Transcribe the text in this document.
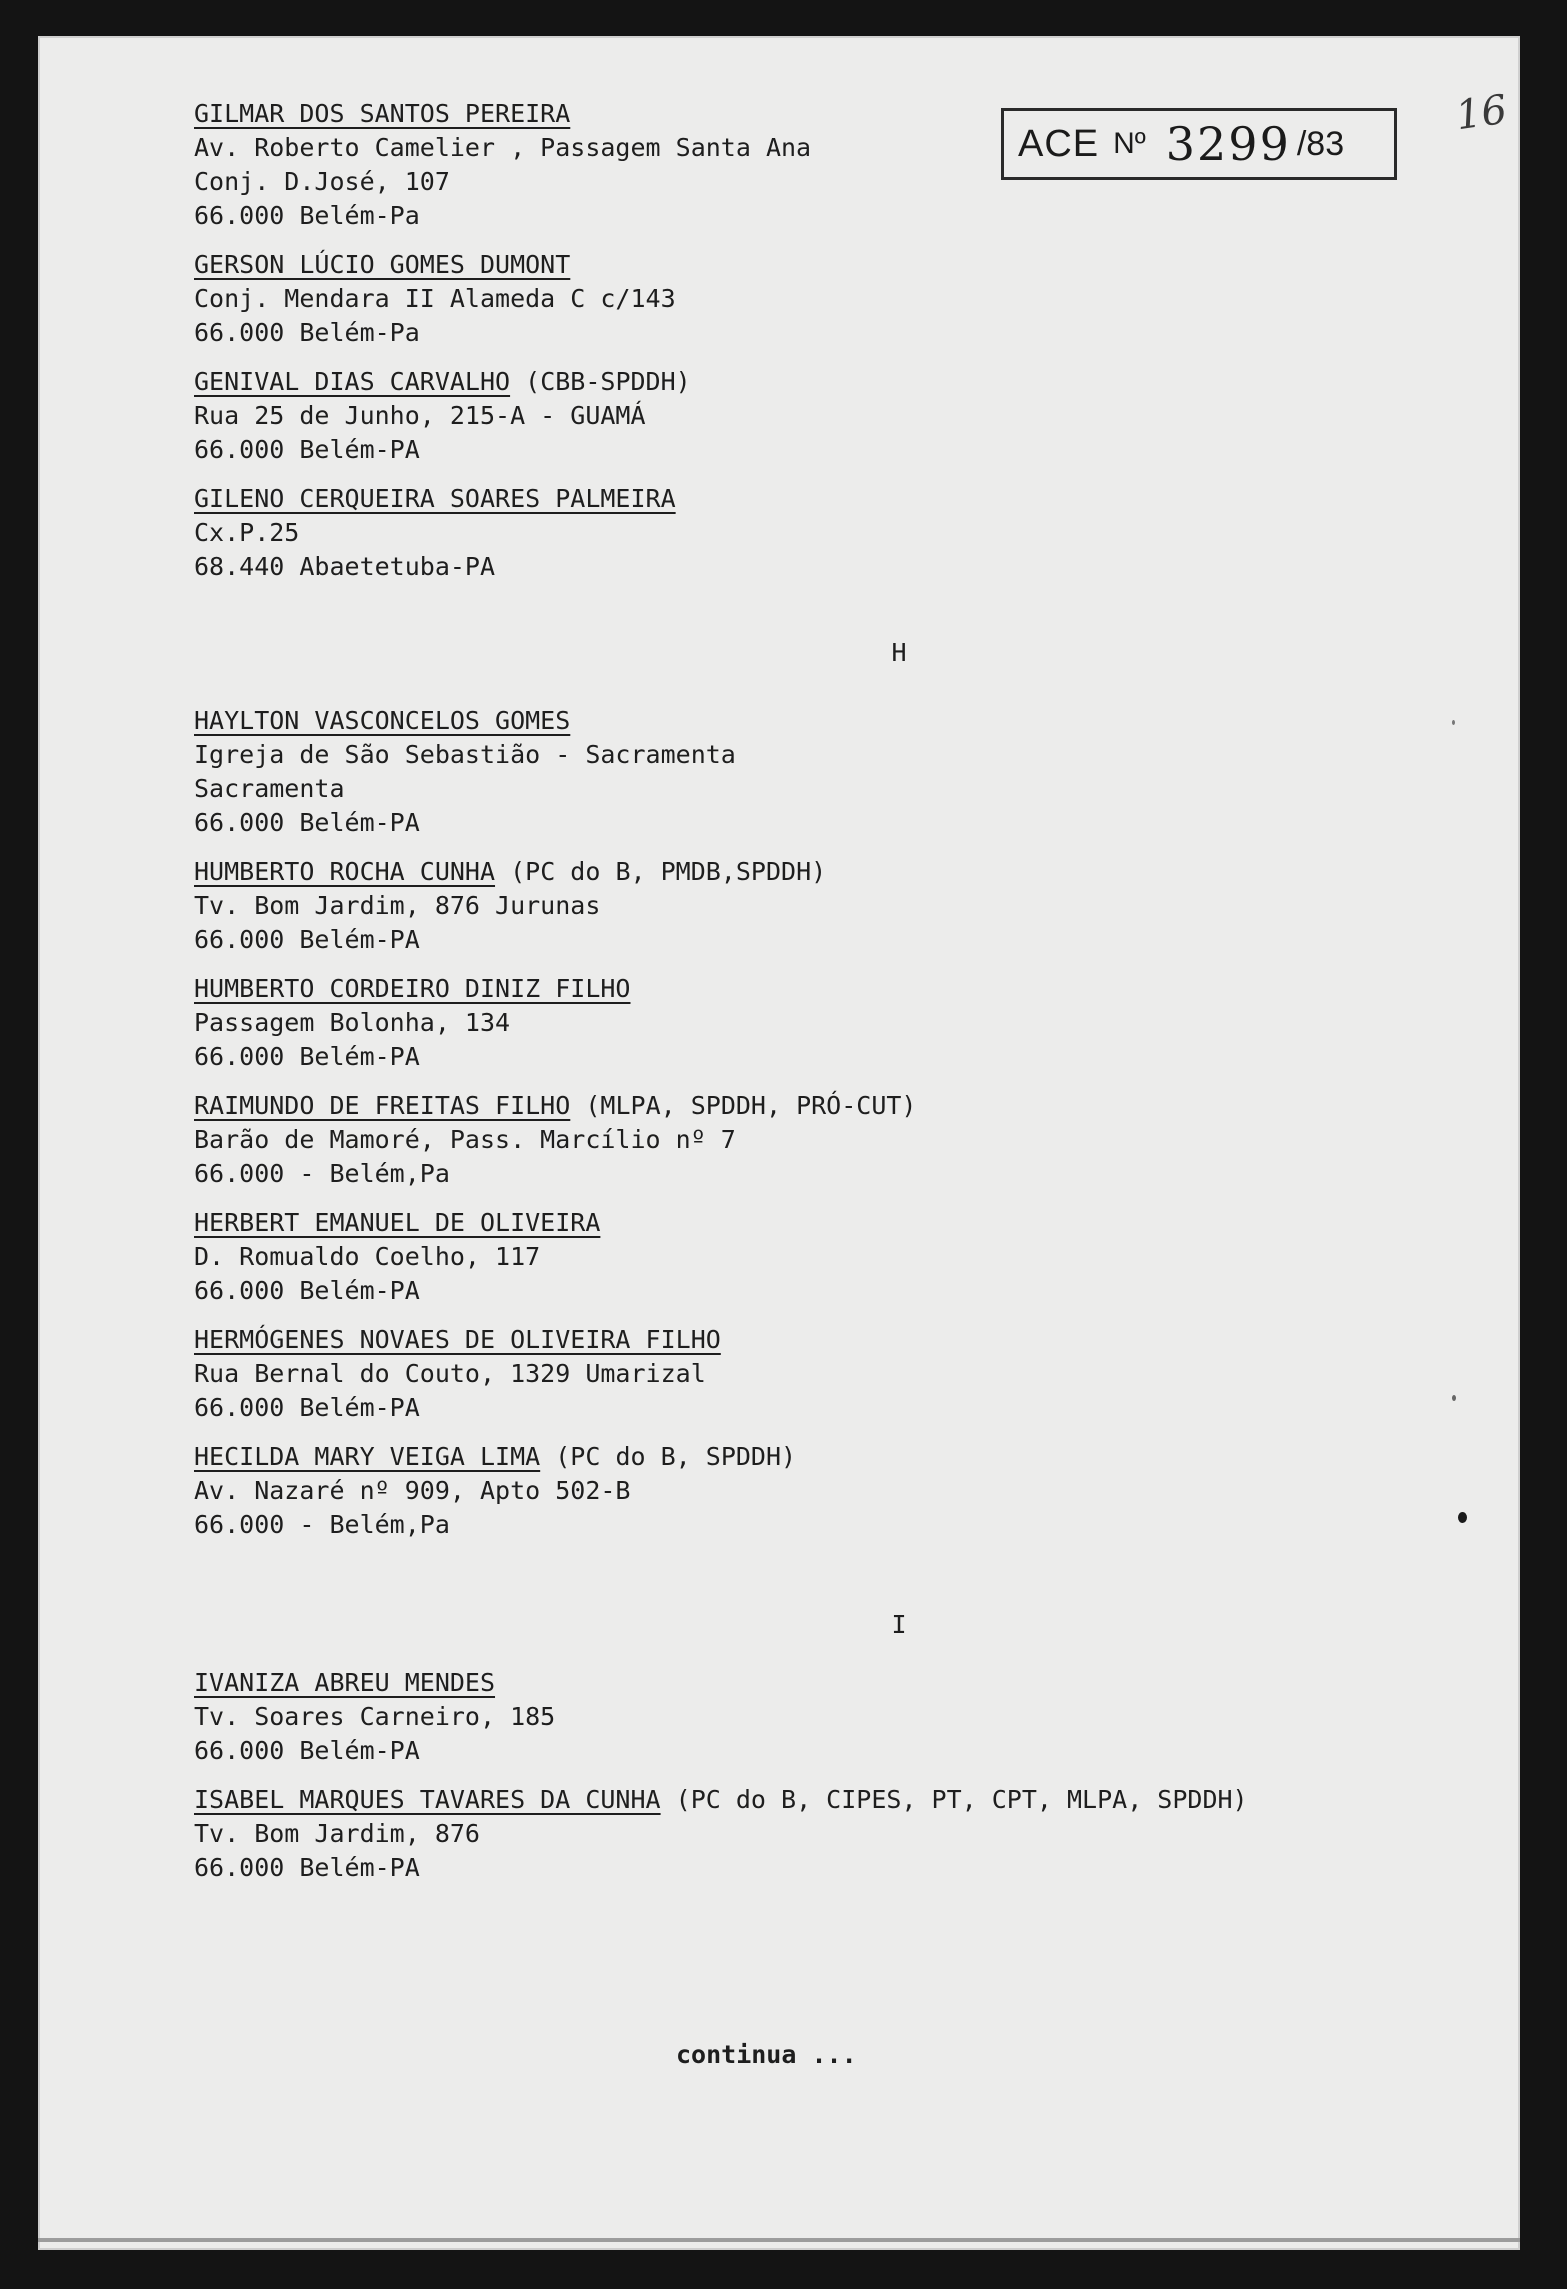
ACE Nº 3299 /83
16
GILMAR DOS SANTOS PEREIRA
Av. Roberto Camelier , Passagem Santa Ana
Conj. D.José, 107
66.000 Belém-Pa
GERSON LÚCIO GOMES DUMONT
Conj. Mendara II Alameda C c/143
66.000 Belém-Pa
GENIVAL DIAS CARVALHO (CBB-SPDDH)
Rua 25 de Junho, 215-A - GUAMÁ
66.000 Belém-PA
GILENO CERQUEIRA SOARES PALMEIRA
Cx.P.25
68.440 Abaetetuba-PA
H
HAYLTON VASCONCELOS GOMES
Igreja de São Sebastião - Sacramenta
Sacramenta
66.000 Belém-PA
HUMBERTO ROCHA CUNHA (PC do B, PMDB,SPDDH)
Tv. Bom Jardim, 876 Jurunas
66.000 Belém-PA
HUMBERTO CORDEIRO DINIZ FILHO
Passagem Bolonha, 134
66.000 Belém-PA
RAIMUNDO DE FREITAS FILHO (MLPA, SPDDH, PRÓ-CUT)
Barão de Mamoré, Pass. Marcílio nº 7
66.000 - Belém,Pa
HERBERT EMANUEL DE OLIVEIRA
D. Romualdo Coelho, 117
66.000 Belém-PA
HERMÓGENES NOVAES DE OLIVEIRA FILHO
Rua Bernal do Couto, 1329 Umarizal
66.000 Belém-PA
HECILDA MARY VEIGA LIMA (PC do B, SPDDH)
Av. Nazaré nº 909, Apto 502-B
66.000 - Belém,Pa
I
IVANIZA ABREU MENDES
Tv. Soares Carneiro, 185
66.000 Belém-PA
ISABEL MARQUES TAVARES DA CUNHA (PC do B, CIPES, PT, CPT, MLPA, SPDDH)
Tv. Bom Jardim, 876
66.000 Belém-PA
continua ...
